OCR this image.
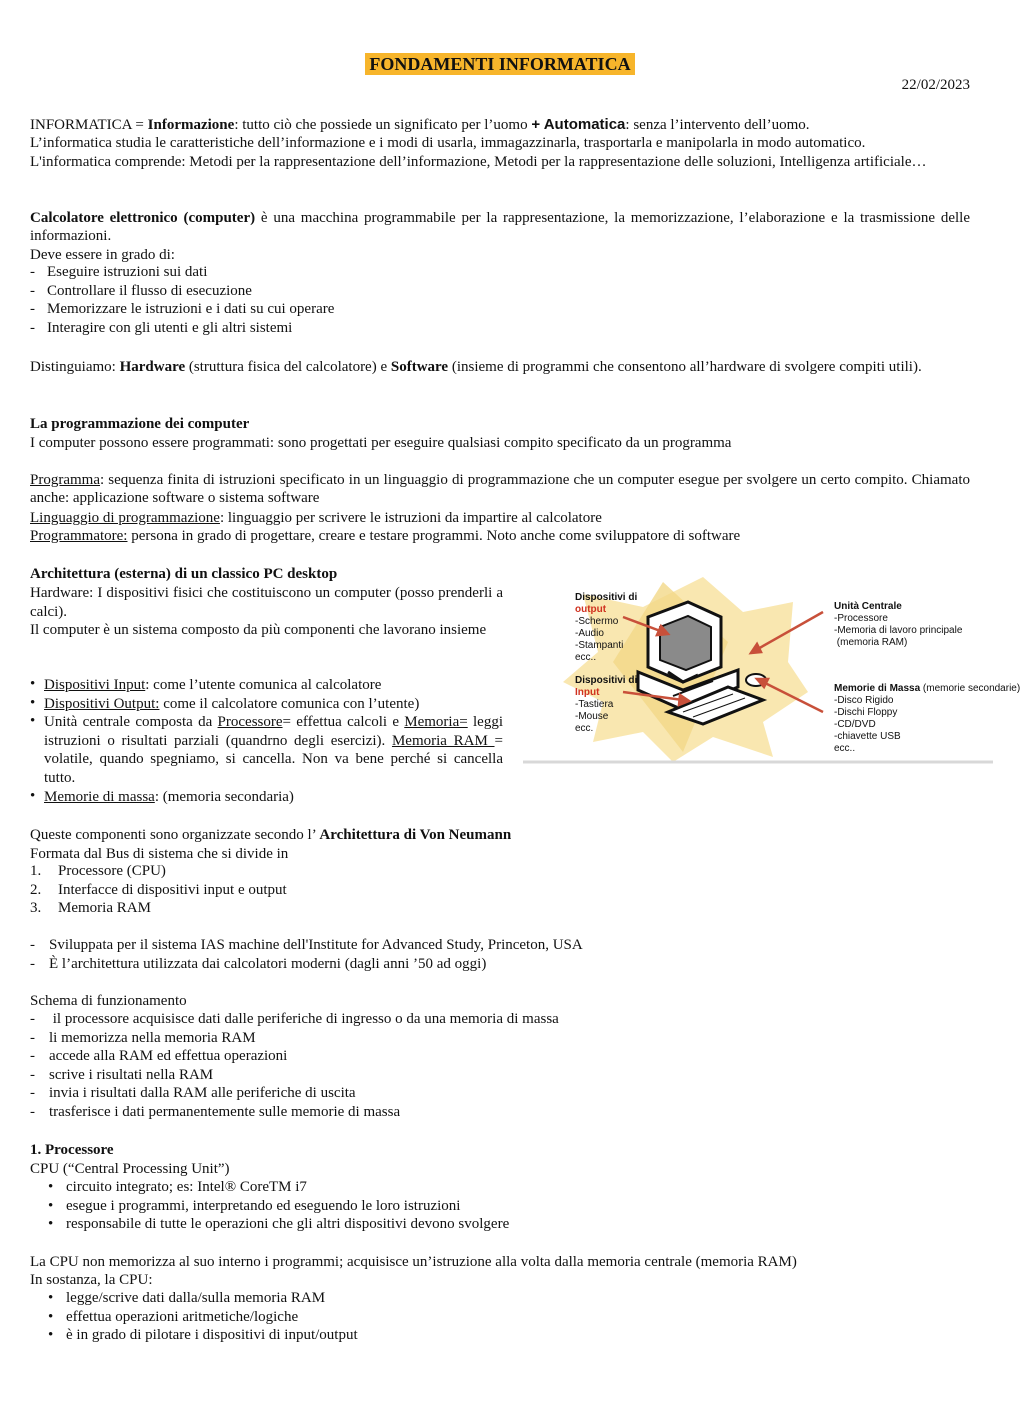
FONDAMENTI INFORMATICA
22/02/2023
INFORMATICA = Informazione: tutto ciò che possiede un significato per l’uomo + Automatica: senza l’intervento dell’uomo.
L’informatica studia le caratteristiche dell’informazione e i modi di usarla, immagazzinarla, trasportarla e manipolarla in modo automatico.
L'informatica comprende: Metodi per la rappresentazione dell’informazione, Metodi per la rappresentazione delle soluzioni, Intelligenza artificiale…
Calcolatore elettronico (computer) è una macchina programmabile per la rappresentazione, la memorizzazione, l’elaborazione e la trasmissione delle informazioni.
Deve essere in grado di:
- Eseguire istruzioni sui dati
- Controllare il flusso di esecuzione
- Memorizzare le istruzioni e i dati su cui operare
- Interagire con gli utenti e gli altri sistemi
Distinguiamo: Hardware (struttura fisica del calcolatore) e Software (insieme di programmi che consentono all’hardware di svolgere compiti utili).
La programmazione dei computer
I computer possono essere programmati: sono progettati per eseguire qualsiasi compito specificato da un programma
Programma: sequenza finita di istruzioni specificato in un linguaggio di programmazione che un computer esegue per svolgere un certo compito. Chiamato anche: applicazione software o sistema software
Linguaggio di programmazione: linguaggio per scrivere le istruzioni da impartire al calcolatore
Programmatore: persona in grado di progettare, creare e testare programmi. Noto anche come sviluppatore di software
Architettura (esterna) di un classico PC desktop
Hardware: I dispositivi fisici che costituiscono un computer (posso prenderli a calci).
Il computer è un sistema composto da più componenti che lavorano insieme
• Dispositivi Input: come l’utente comunica al calcolatore
• Dispositivi Output: come il calcolatore comunica con l’utente)
• Unità centrale composta da Processore= effettua calcoli e Memoria= leggi istruzioni o risultati parziali (quandrno degli esercizi). Memoria RAM = volatile, quando spegniamo, si cancella. Non va bene perché si cancella tutto.
• Memorie di massa: (memoria secondaria)
Queste componenti sono organizzate secondo l’ Architettura di Von Neumann
Formata dal Bus di sistema che si divide in
1. Processore (CPU)
2. Interfacce di dispositivi input e output
3. Memoria RAM
- Sviluppata per il sistema IAS machine dell'Institute for Advanced Study, Princeton, USA
- È l’architettura utilizzata dai calcolatori moderni (dagli anni ’50 ad oggi)
Schema di funzionamento
- il processore acquisisce dati dalle periferiche di ingresso o da una memoria di massa
- li memorizza nella memoria RAM
- accede alla RAM ed effettua operazioni
- scrive i risultati nella RAM
- invia i risultati dalla RAM alle periferiche di uscita
- trasferisce i dati permanentemente sulle memorie di massa
1. Processore
CPU (“Central Processing Unit”)
• circuito integrato; es: Intel® CoreTM i7
• esegue i programmi, interpretando ed eseguendo le loro istruzioni
• responsabile di tutte le operazioni che gli altri dispositivi devono svolgere
La CPU non memorizza al suo interno i programmi; acquisisce un’istruzione alla volta dalla memoria centrale (memoria RAM)
In sostanza, la CPU:
• legge/scrive dati dalla/sulla memoria RAM
• effettua operazioni aritmetiche/logiche
• è in grado di pilotare i dispositivi di input/output
Dispositivi di
output
-Schermo
-Audio
-Stampanti
ecc..
Dispositivi di
Input
-Tastiera
-Mouse
ecc.
Unità Centrale
-Processore
-Memoria di lavoro principale
(memoria RAM)
Memorie di Massa (memorie secondarie)
-Disco Rigido
-Dischi Floppy
-CD/DVD
-chiavette USB
ecc..
